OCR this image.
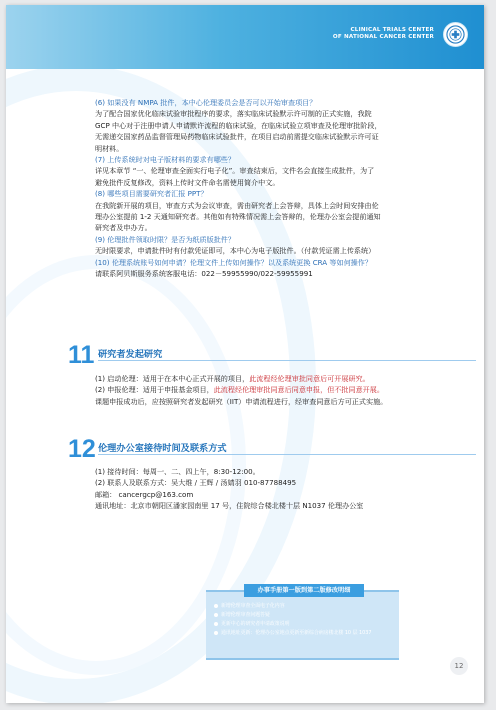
CLINICAL TRIALS CENTER
OF NATIONAL CANCER CENTER
(6) 如果没有 NMPA 批件，本中心伦理委员会是否可以开始审查项目？
为了配合国家优化临床试验审批程序的要求，落实临床试验默示许可制的正式实施，我院
GCP 中心对于注册申请人申请默许流程的临床试验，在临床试验立项审查及伦理审批阶段，
无需递交国家药品监督管理局药物临床试验批件，在项目启动前需提交临床试验默示许可证
明材料。
(7) 上传系统时对电子版材料的要求有哪些？
详见本章节 “一、伦理审查全面实行电子化”。审查结束后，文件名会直接生成批件，为了
避免批件反复修改，资料上传时文件命名需使用简介中文。
(8) 哪些项目需要研究者汇报 PPT？
在我院新开展的项目，审查方式为会议审查，需由研究者上会答辩，具体上会时间安排由伦
理办公室提前 1-2 天通知研究者。其他如有特殊情况需上会答辩的，伦理办公室会提前通知
研究者及申办方。
(9) 伦理批件领取时限？是否为纸质版批件？
无时限要求，申请批件时有付款凭证即可，本中心为电子版批件。（付款凭证需上传系统）
(10) 伦理系统账号如何申请？伦理文件上传如何操作？以及系统更换 CRA 等如何操作？
请联系阿贝斯服务系统客服电话：022－59955990/022-59955991
11 研究者发起研究
(1) 启动伦理：适用于在本中心正式开展的项目，此流程经伦理审批同意后可开展研究。
(2) 申报伦理：适用于申报基金项目，此流程经伦理审批同意后同意申报，但不批同意开展。
课题申报成功后，应按照研究者发起研究（IIT）申请流程进行，经审查同意后方可正式实施。
12 伦理办公室接待时间及联系方式
(1) 接待时间：每周一、二、四上午，8:30-12:00。
(2) 联系人及联系方式：吴大维 / 王辉 / 汤婧羽 010-87788495
邮箱： cancergcp@163.com
通讯地址：北京市朝阳区潘家园南里 17 号，住院综合楼北楼十层 N1037 伦理办公室
办事手册第一版到第二版修改明细
新增伦理审查全面电子化内容
新增伦理审查问题答疑
更新中心的研究者申请政策说明
通讯地址更新：伦理办公室地点更新至新综合病房楼北楼 10 层 1037
12
